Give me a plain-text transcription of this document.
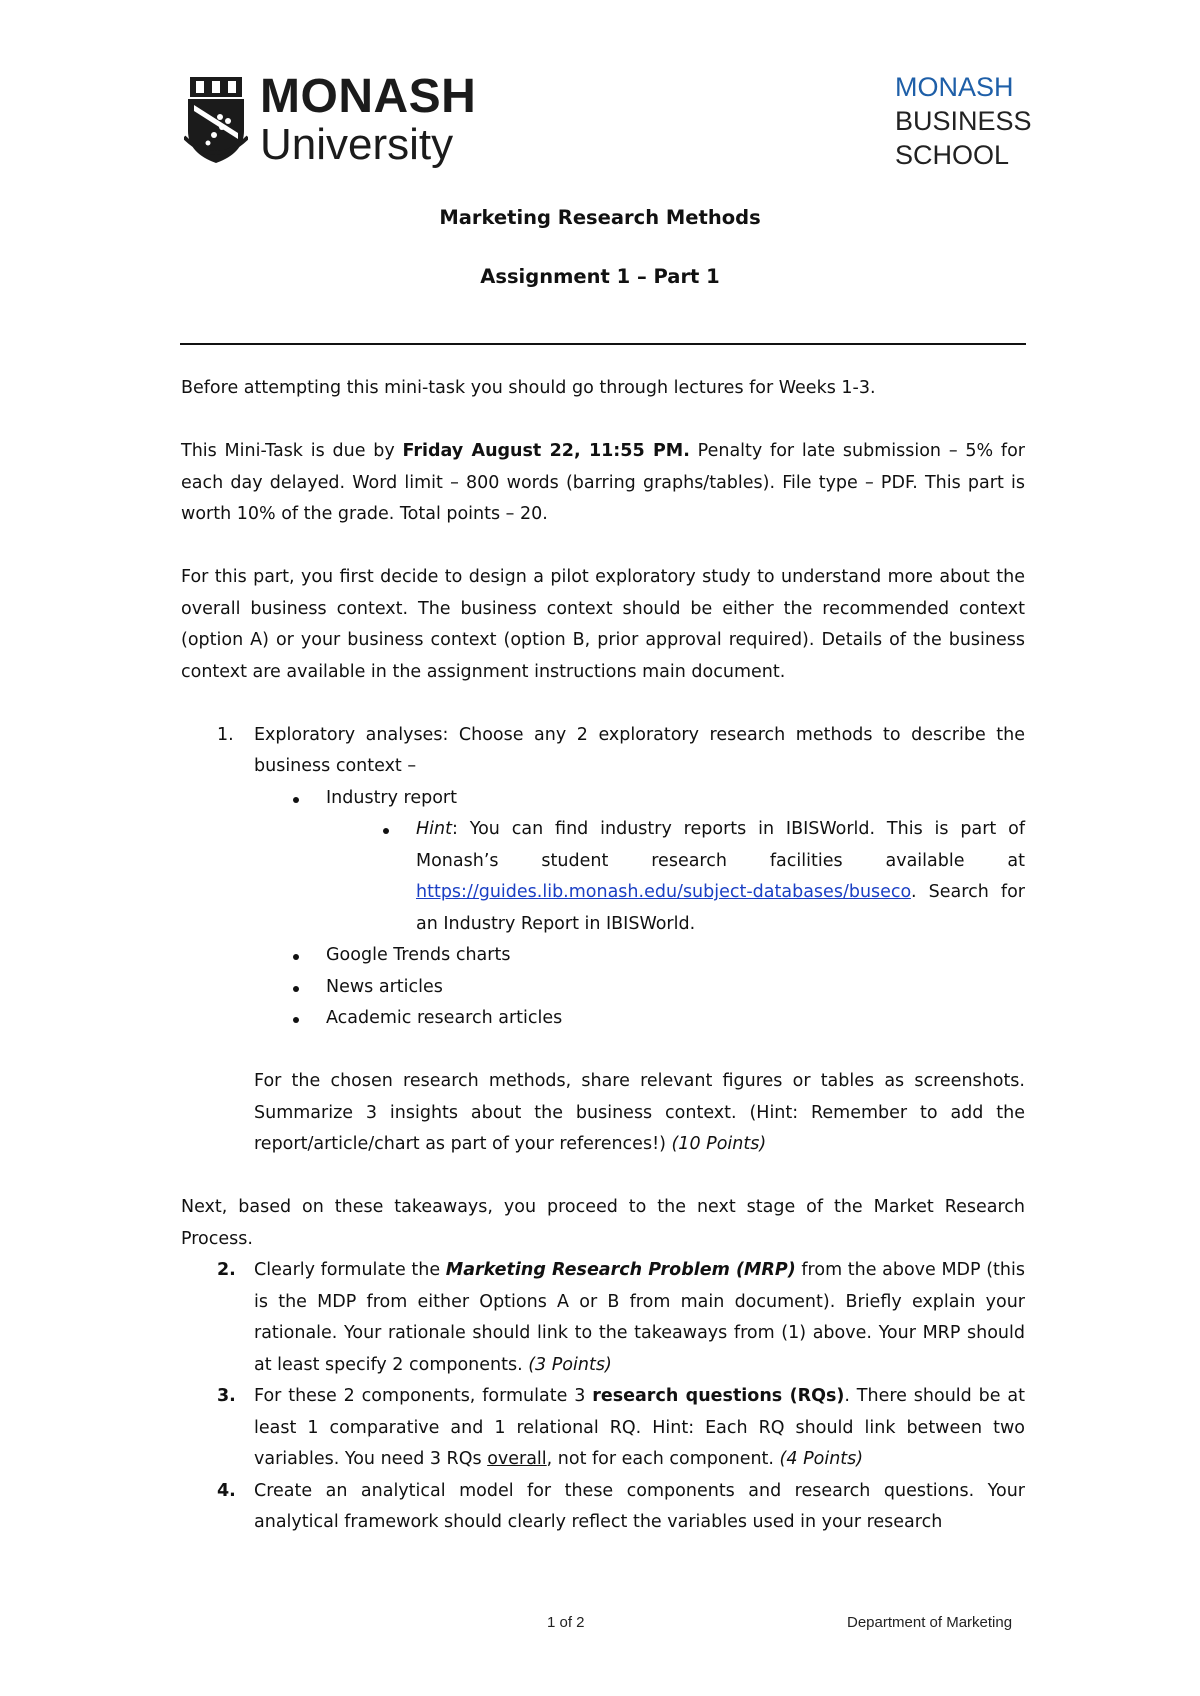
MONASH
University
MONASH
BUSINESS
SCHOOL
Marketing Research Methods
Assignment 1 – Part 1

Before attempting this mini-task you should go through lectures for Weeks 1-3.

This Mini-Task is due by Friday August 22, 11:55 PM. Penalty for late submission – 5% for each day delayed. Word limit – 800 words (barring graphs/tables). File type – PDF. This part is worth 10% of the grade. Total points – 20.

For this part, you first decide to design a pilot exploratory study to understand more about the overall business context. The business context should be either the recommended context (option A) or your business context (option B, prior approval required). Details of the business context are available in the assignment instructions main document.

1. Exploratory analyses: Choose any 2 exploratory research methods to describe the business context –
Industry report
Hint: You can find industry reports in IBISWorld. This is part of Monash’s student research facilities available at https://guides.lib.monash.edu/subject-databases/buseco. Search for an Industry Report in IBISWorld.
Google Trends charts
News articles
Academic research articles
For the chosen research methods, share relevant figures or tables as screenshots. Summarize 3 insights about the business context. (Hint: Remember to add the report/article/chart as part of your references!) (10 Points)

Next, based on these takeaways, you proceed to the next stage of the Market Research Process.

2. Clearly formulate the Marketing Research Problem (MRP) from the above MDP (this is the MDP from either Options A or B from main document). Briefly explain your rationale. Your rationale should link to the takeaways from (1) above. Your MRP should at least specify 2 components. (3 Points)
3. For these 2 components, formulate 3 research questions (RQs). There should be at least 1 comparative and 1 relational RQ. Hint: Each RQ should link between two variables. You need 3 RQs overall, not for each component. (4 Points)
4. Create an analytical model for these components and research questions. Your analytical framework should clearly reflect the variables used in your research
1 of 2	Department of Marketing
